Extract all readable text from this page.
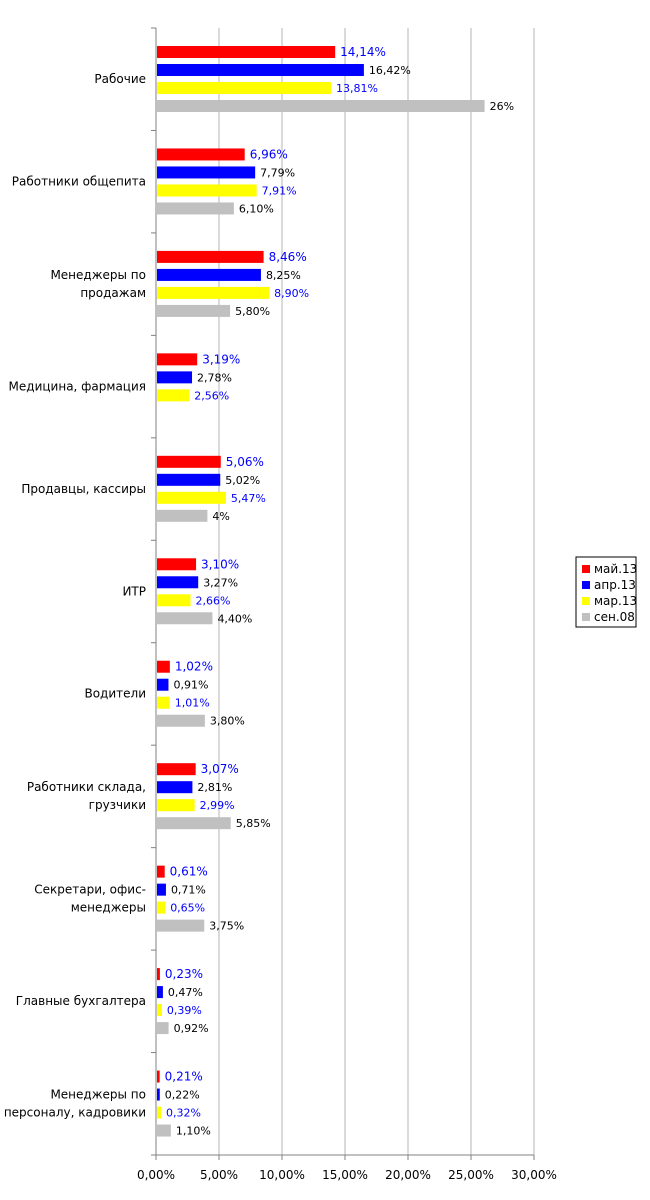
14,14%
16,42%
13,81%
26%
6,96%
7,79%
7,91%
6,10%
8,46%
8,25%
8,90%
5,80%
3,19%
2,78%
2,56%
5,06%
5,02%
5,47%
4%
3,10%
3,27%
2,66%
4,40%
1,02%
0,91%
1,01%
3,80%
3,07%
2,81%
2,99%
5,85%
0,61%
0,71%
0,65%
3,75%
0,23%
0,47%
0,39%
0,92%
0,21%
0,22%
0,32%
1,10%
Рабочие
Работники общепита
Менеджеры по продажам
Медицина, фармация
Продавцы, кассиры
ИТР
Водители
Работники склада, грузчики
Секретари, офис-менеджеры
Главные бухгалтера
Менеджеры по персоналу, кадровики
0,00% 5,00% 10,00% 15,00% 20,00% 25,00% 30,00%
май.13
апр.13
мар.13
сен.08
